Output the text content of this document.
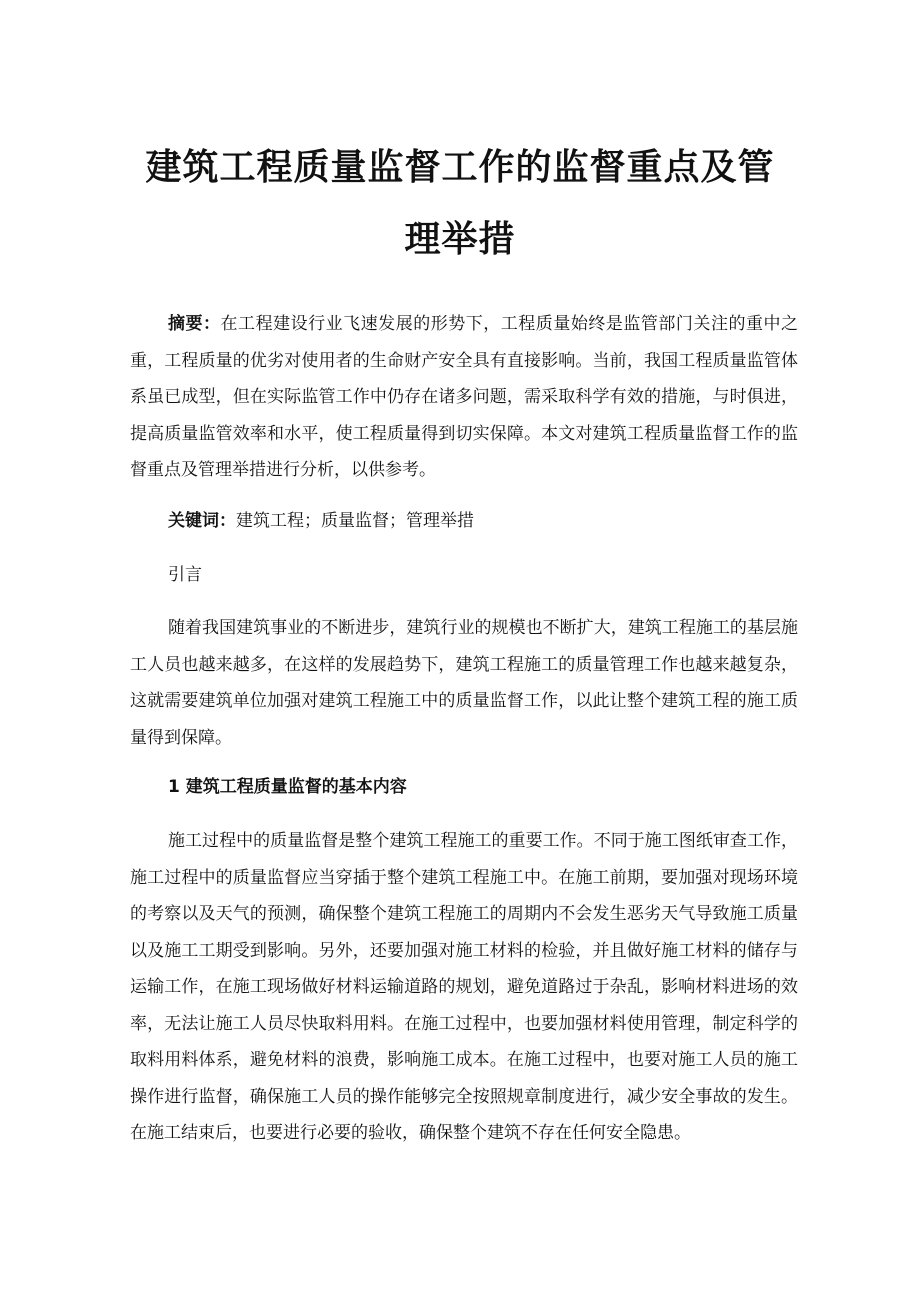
建筑工程质量监督工作的监督重点及管
理举措

摘要：在工程建设行业飞速发展的形势下，工程质量始终是监管部门关注的重中之重，工程质量的优劣对使用者的生命财产安全具有直接影响。当前，我国工程质量监管体系虽已成型，但在实际监管工作中仍存在诸多问题，需采取科学有效的措施，与时俱进，提高质量监管效率和水平，使工程质量得到切实保障。本文对建筑工程质量监督工作的监督重点及管理举措进行分析，以供参考。

关键词：建筑工程；质量监督；管理举措

引言

随着我国建筑事业的不断进步，建筑行业的规模也不断扩大，建筑工程施工的基层施工人员也越来越多，在这样的发展趋势下，建筑工程施工的质量管理工作也越来越复杂，这就需要建筑单位加强对建筑工程施工中的质量监督工作，以此让整个建筑工程的施工质量得到保障。

1 建筑工程质量监督的基本内容

施工过程中的质量监督是整个建筑工程施工的重要工作。不同于施工图纸审查工作，施工过程中的质量监督应当穿插于整个建筑工程施工中。在施工前期，要加强对现场环境的考察以及天气的预测，确保整个建筑工程施工的周期内不会发生恶劣天气导致施工质量以及施工工期受到影响。另外，还要加强对施工材料的检验，并且做好施工材料的储存与运输工作，在施工现场做好材料运输道路的规划，避免道路过于杂乱，影响材料进场的效率，无法让施工人员尽快取料用料。在施工过程中，也要加强材料使用管理，制定科学的取料用料体系，避免材料的浪费，影响施工成本。在施工过程中，也要对施工人员的施工操作进行监督，确保施工人员的操作能够完全按照规章制度进行，减少安全事故的发生。在施工结束后，也要进行必要的验收，确保整个建筑不存在任何安全隐患。
